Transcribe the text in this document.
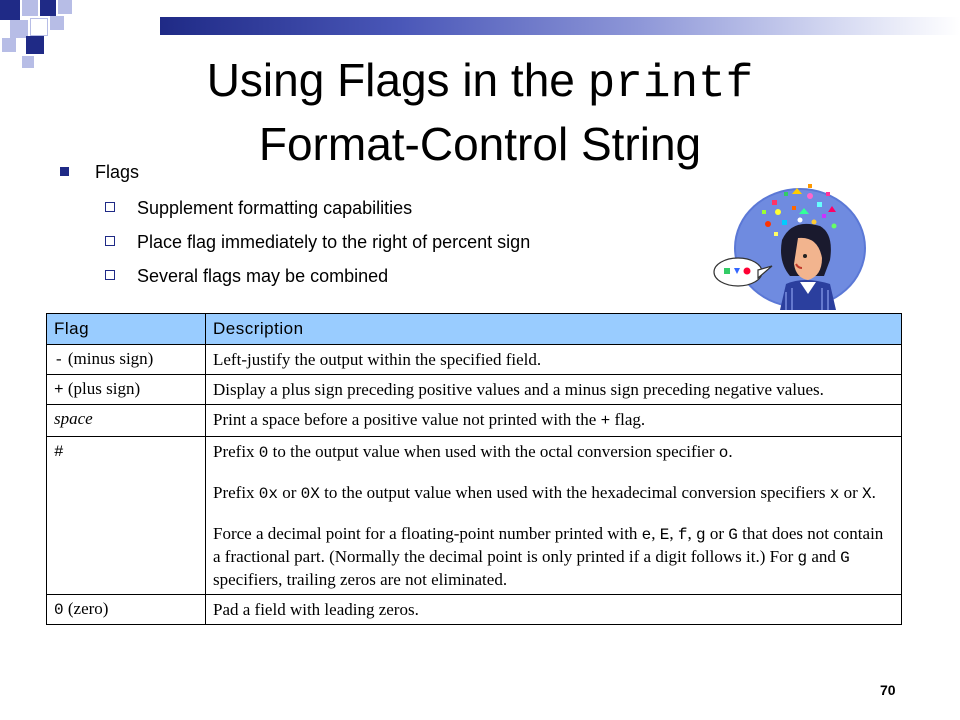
Using Flags in the printf
Format-Control String
Flags
Supplement formatting capabilities
Place flag immediately to the right of percent sign
Several flags may be combined
Flag	Description
- (minus sign)	Left-justify the output within the specified field.

+ (plus sign)	Display a plus sign preceding positive values and a minus sign preceding negative values.

space	Print a space before a positive value not printed with the + flag.

#	Prefix 0 to the output value when used with the octal conversion specifier o.

Prefix 0x or 0X to the output value when used with the hexadecimal conversion specifiers x or X.

Force a decimal point for a floating-point number printed with e, E, f, g or G that does not contain a fractional part. (Normally the decimal point is only printed if a digit follows it.) For g and G specifiers, trailing zeros are not eliminated.

0 (zero)	Pad a field with leading zeros.

70
